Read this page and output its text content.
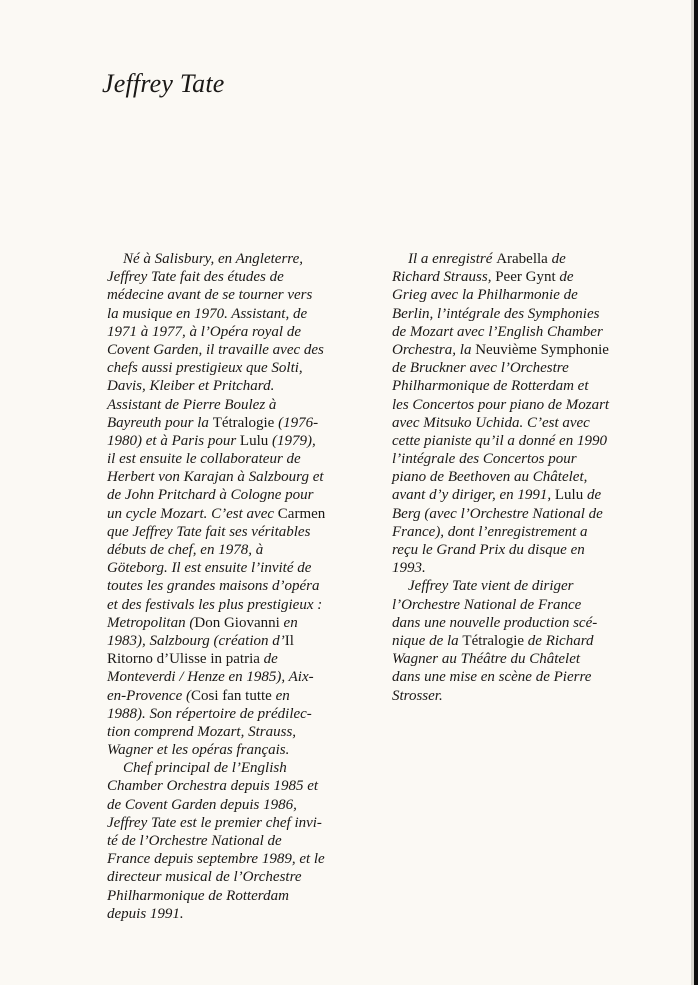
Jeffrey Tate
Né à Salisbury, en Angleterre,
Jeffrey Tate fait des études de
médecine avant de se tourner vers
la musique en 1970. Assistant, de
1971 à 1977, à l’Opéra royal de
Covent Garden, il travaille avec des
chefs aussi prestigieux que Solti,
Davis, Kleiber et Pritchard.
Assistant de Pierre Boulez à
Bayreuth pour la Tétralogie (1976-
1980) et à Paris pour Lulu (1979),
il est ensuite le collaborateur de
Herbert von Karajan à Salzbourg et
de John Pritchard à Cologne pour
un cycle Mozart. C’est avec Carmen
que Jeffrey Tate fait ses véritables
débuts de chef, en 1978, à
Göteborg. Il est ensuite l’invité de
toutes les grandes maisons d’opéra
et des festivals les plus prestigieux :
Metropolitan (Don Giovanni en
1983), Salzbourg (création d’Il
Ritorno d’Ulisse in patria de
Monteverdi / Henze en 1985), Aix-
en-Provence (Cosi fan tutte en
1988). Son répertoire de prédilec-
tion comprend Mozart, Strauss,
Wagner et les opéras français.
Chef principal de l’English
Chamber Orchestra depuis 1985 et
de Covent Garden depuis 1986,
Jeffrey Tate est le premier chef invi-
té de l’Orchestre National de
France depuis septembre 1989, et le
directeur musical de l’Orchestre
Philharmonique de Rotterdam
depuis 1991.
Il a enregistré Arabella de
Richard Strauss, Peer Gynt de
Grieg avec la Philharmonie de
Berlin, l’intégrale des Symphonies
de Mozart avec l’English Chamber
Orchestra, la Neuvième Symphonie
de Bruckner avec l’Orchestre
Philharmonique de Rotterdam et
les Concertos pour piano de Mozart
avec Mitsuko Uchida. C’est avec
cette pianiste qu’il a donné en 1990
l’intégrale des Concertos pour
piano de Beethoven au Châtelet,
avant d’y diriger, en 1991, Lulu de
Berg (avec l’Orchestre National de
France), dont l’enregistrement a
reçu le Grand Prix du disque en
1993.
Jeffrey Tate vient de diriger
l’Orchestre National de France
dans une nouvelle production scé-
nique de la Tétralogie de Richard
Wagner au Théâtre du Châtelet
dans une mise en scène de Pierre
Strosser.
